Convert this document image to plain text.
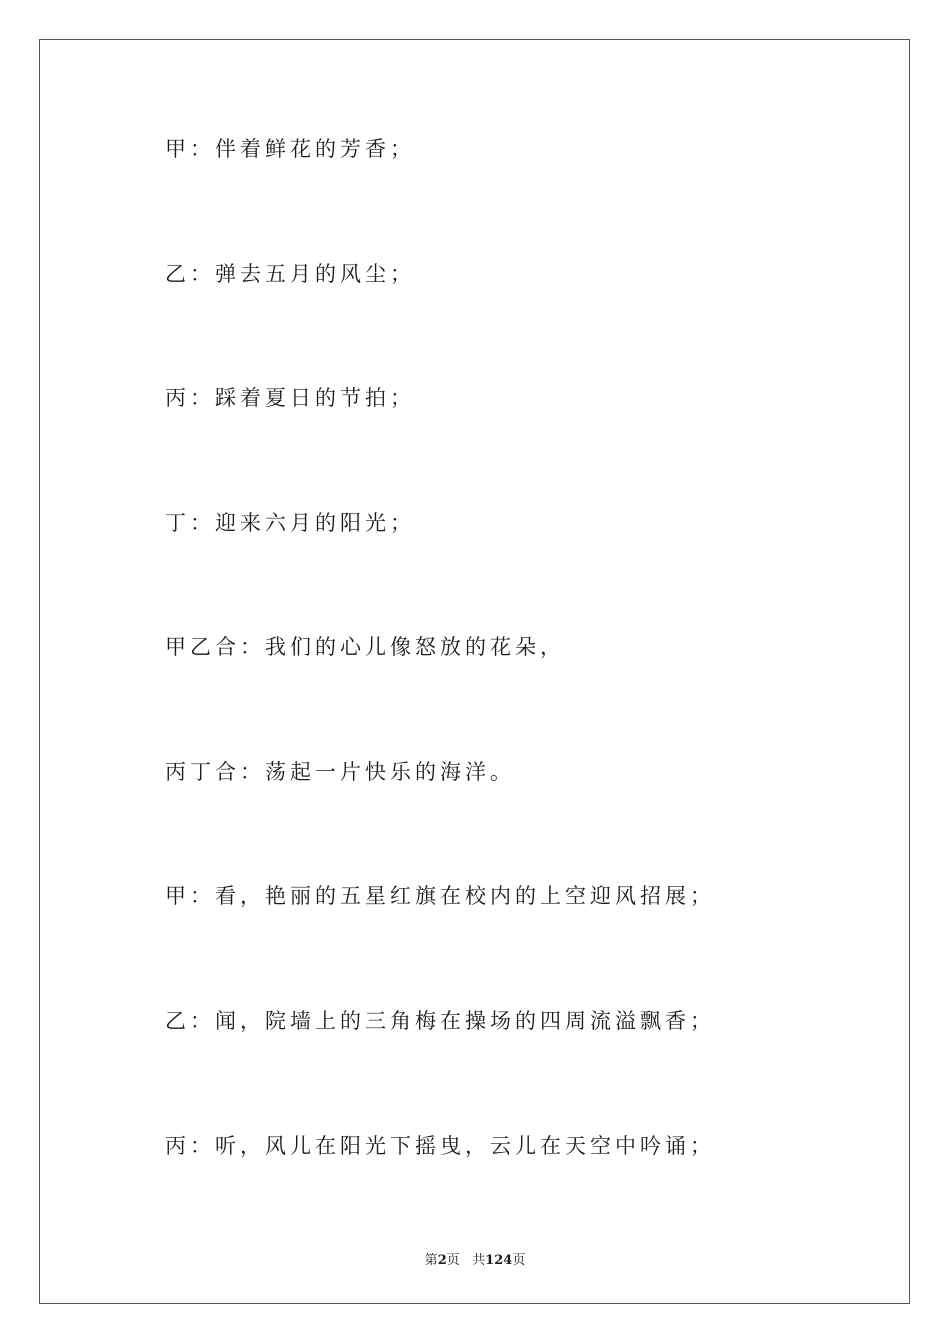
甲：伴着鲜花的芳香；
乙：弹去五月的风尘；
丙：踩着夏日的节拍；
丁：迎来六月的阳光；
甲乙合：我们的心儿像怒放的花朵，
丙丁合：荡起一片快乐的海洋。
甲：看，艳丽的五星红旗在校内的上空迎风招展；
乙：闻，院墙上的三角梅在操场的四周流溢飘香；
丙：听，风儿在阳光下摇曳，云儿在天空中吟诵；
第2页 共124页
